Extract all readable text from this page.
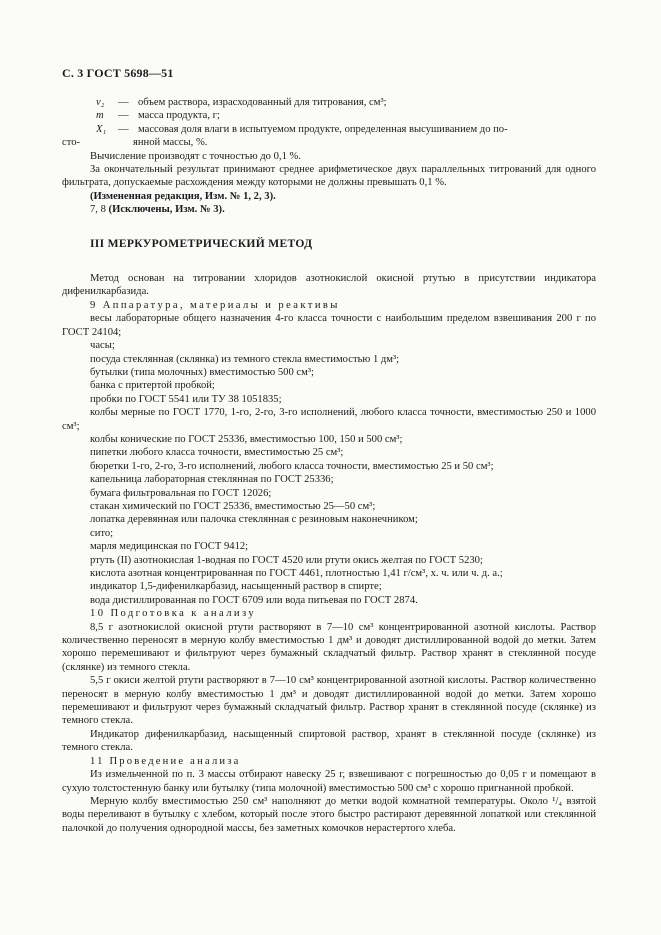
С. 3 ГОСТ 5698—51
v₂	— объем раствора, израсходованный для титрования, см³;
m	— масса продукта, г;
X₁	— массовая доля влаги в испытуемом продукте, определенная высушиванием до по-

сто-                    янной массы, %.

Вычисление производят с точностью до 0,1 %.

За окончательный результат принимают среднее арифметическое двух параллельных титрований для одного фильтрата, допускаемые расхождения между которыми не должны превышать 0,1 %.

(Измененная редакция, Изм. № 1, 2, 3).

7, 8 (Исключены, Изм. № 3).

III МЕРКУРОМЕТРИЧЕСКИЙ МЕТОД

Метод основан на титровании хлоридов азотнокислой окисной ртутью в присутствии индикатора дифенилкарбазида.

9 Аппаратура, материалы и реактивы

весы лабораторные общего назначения 4-го класса точности с наибольшим пределом взвешивания 200 г по ГОСТ 24104;

часы;

посуда стеклянная (склянка) из темного стекла вместимостью 1 дм³;

бутылки (типа молочных) вместимостью 500 см³;

банка с притертой пробкой;

пробки по ГОСТ 5541 или ТУ 38 1051835;

колбы мерные по ГОСТ 1770, 1-го, 2-го, 3-го исполнений, любого класса точности, вместимостью 250 и 1000 см³;

колбы конические по ГОСТ 25336, вместимостью 100, 150 и 500 см³;

пипетки любого класса точности, вместимостью 25 см³;

бюретки 1-го, 2-го, 3-го исполнений, любого класса точности, вместимостью 25 и 50 см³;

капельница лабораторная стеклянная по ГОСТ 25336;

бумага фильтровальная по ГОСТ 12026;

стакан химический по ГОСТ 25336, вместимостью 25—50 см³;

лопатка деревянная или палочка стеклянная с резиновым наконечником;

сито;

марля медицинская по ГОСТ 9412;

ртуть (II) азотнокислая 1-водная по ГОСТ 4520 или ртути окись желтая по ГОСТ 5230;

кислота азотная концентрированная по ГОСТ 4461, плотностью 1,41 г/см³, х. ч. или ч. д. а.;

индикатор 1,5-дифенилкарбазид, насыщенный раствор в спирте;

вода дистиллированная по ГОСТ 6709 или вода питьевая по ГОСТ 2874.

10 Подготовка к анализу

8,5 г азотнокислой окисной ртути растворяют в 7—10 см³ концентрированной азотной кислоты. Раствор количественно переносят в мерную колбу вместимостью 1 дм³ и доводят дистиллированной водой до метки. Затем хорошо перемешивают и фильтруют через бумажный складчатый фильтр. Раствор хранят в стеклянной посуде (склянке) из темного стекла.

5,5 г окиси желтой ртути растворяют в 7—10 см³ концентрированной азотной кислоты. Раствор количественно переносят в мерную колбу вместимостью 1 дм³ и доводят дистиллированной водой до метки. Затем хорошо перемешивают и фильтруют через бумажный складчатый фильтр. Раствор хранят в стеклянной посуде (склянке) из темного стекла.

Индикатор дифенилкарбазид, насыщенный спиртовой раствор, хранят в стеклянной посуде (склянке) из темного стекла.

11 Проведение анализа

Из измельченной по п. 3 массы отбирают навеску 25 г, взвешивают с погрешностью до 0,05 г и помещают в сухую толстостенную банку или бутылку (типа молочной) вместимостью 500 см³ с хорошо пригнанной пробкой.

Мерную колбу вместимостью 250 см³ наполняют до метки водой комнатной температуры. Около ¹/₄ взятой воды переливают в бутылку с хлебом, который после этого быстро растирают деревянной лопаткой или стеклянной палочкой до получения однородной массы, без заметных комочков нерастертого хлеба.
